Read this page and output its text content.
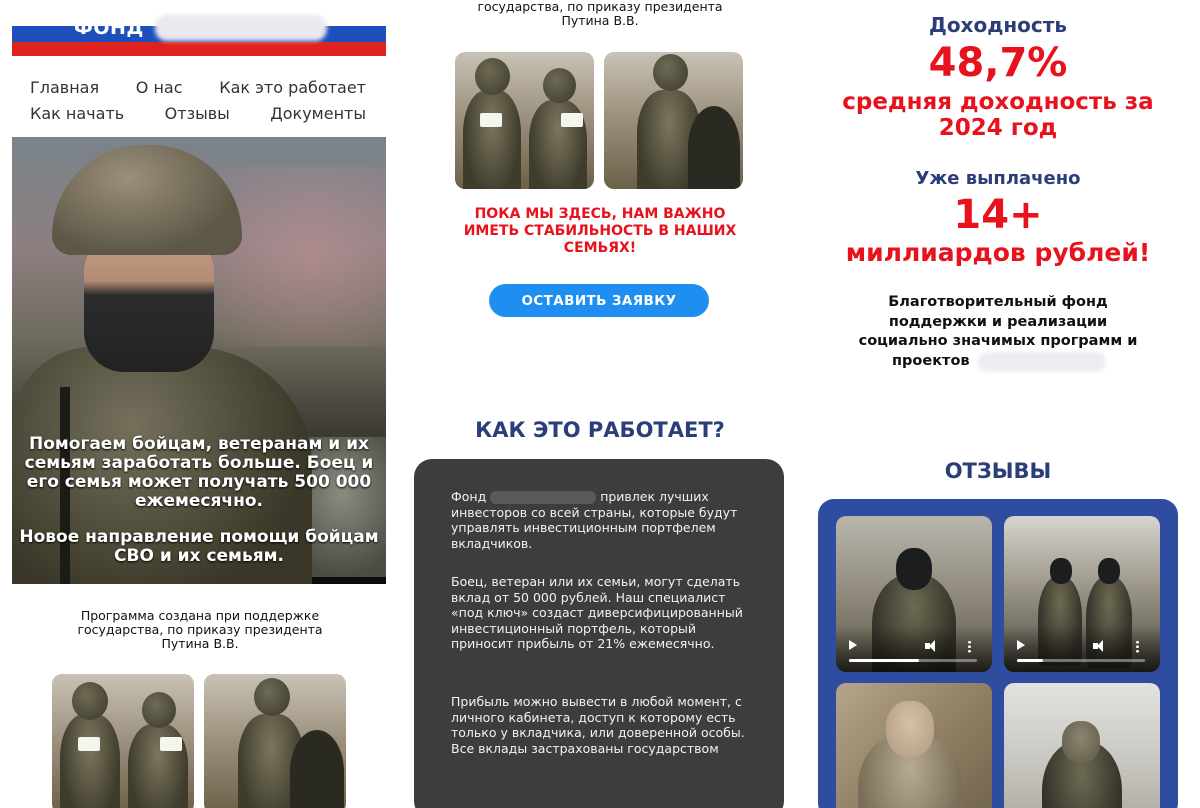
ФОНД
Главная О нас Как это работает
Как начать	Отзывы	Документы
Помогаем бойцам, ветеранам и их семьям заработать больше. Боец и его семья может получать 500 000 ежемесячно.
Новое направление помощи бойцам СВО и их семьям.
Программа создана при поддержке государства, по приказу президента Путина В.В.
государства, по приказу президента Путина В.В.
ПОКА МЫ ЗДЕСЬ, НАМ ВАЖНО ИМЕТЬ СТАБИЛЬНОСТЬ В НАШИХ СЕМЬЯХ!
ОСТАВИТЬ ЗАЯВКУ
КАК ЭТО РАБОТАЕТ?
Фонд	привлек лучших инвесторов со всей страны, которые будут управлять инвестиционным портфелем вкладчиков.
Боец, ветеран или их семьи, могут сделать вклад от 50 000 рублей. Наш специалист «под ключ» создаст диверсифицированный инвестиционный портфель, который приносит прибыль от 21% ежемесячно.
Прибыль можно вывести в любой момент, с личного кабинета, доступ к которому есть только у вкладчика, или доверенной особы. Все вклады застрахованы государством
Доходность
48,7%
средняя доходность за 2024 год
Уже выплачено
14+
миллиардов рублей!
Благотворительный фонд
поддержки и реализации
социально значимых программ и
проектов
ОТЗЫВЫ
